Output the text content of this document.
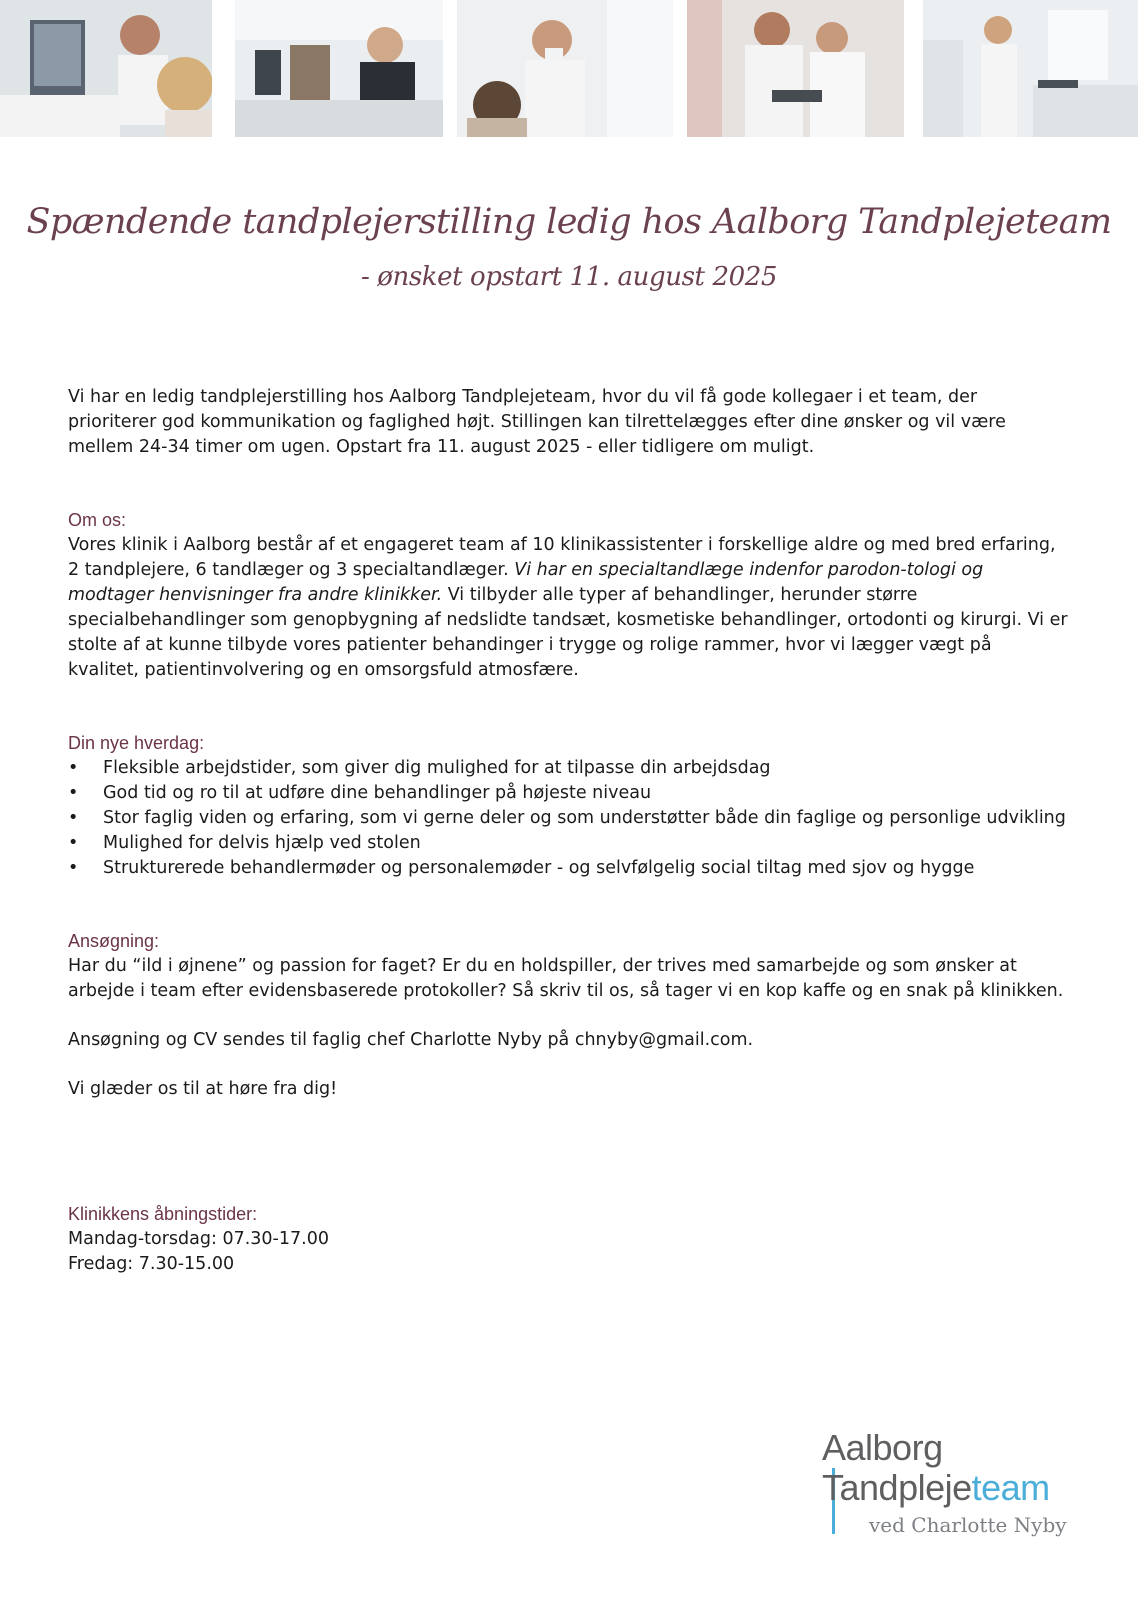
Spændende tandplejerstilling ledig hos Aalborg Tandplejeteam
- ønsket opstart 11. august 2025

Vi har en ledig tandplejerstilling hos Aalborg Tandplejeteam, hvor du vil få gode kollegaer i et team, der prioriterer god kommunikation og faglighed højt. Stillingen kan tilrettelægges efter dine ønsker og vil være mellem 24-34 timer om ugen. Opstart fra 11. august 2025 - eller tidligere om muligt.

Om os:

Vores klinik i Aalborg består af et engageret team af 10 klinikassistenter i forskellige aldre og med bred erfaring, 2 tandplejere, 6 tandlæger og 3 specialtandlæger. Vi har en specialtandlæge indenfor parodon-tologi og modtager henvisninger fra andre klinikker. Vi tilbyder alle typer af behandlinger, herunder større specialbehandlinger som genopbygning af nedslidte tandsæt, kosmetiske behandlinger, ortodonti og kirurgi. Vi er stolte af at kunne tilbyde vores patienter behandinger i trygge og rolige rammer, hvor vi lægger vægt på kvalitet, patientinvolvering og en omsorgsfuld atmosfære.

Din nye hverdag:

• Fleksible arbejdstider, som giver dig mulighed for at tilpasse din arbejdsdag
• God tid og ro til at udføre dine behandlinger på højeste niveau
• Stor faglig viden og erfaring, som vi gerne deler og som understøtter både din faglige og personlige udvikling
• Mulighed for delvis hjælp ved stolen
• Strukturerede behandlermøder og personalemøder - og selvfølgelig social tiltag med sjov og hygge

Ansøgning:

Har du “ild i øjnene” og passion for faget? Er du en holdspiller, der trives med samarbejde og som ønsker at arbejde i team efter evidensbaserede protokoller? Så skriv til os, så tager vi en kop kaffe og en snak på klinikken.

Ansøgning og CV sendes til faglig chef Charlotte Nyby på chnyby@gmail.com.

Vi glæder os til at høre fra dig!

Klinikkens åbningstider:

Mandag-torsdag: 07.30-17.00

Fredag: 7.30-15.00

Aalborg
Tandplejeteam
ved Charlotte Nyby
